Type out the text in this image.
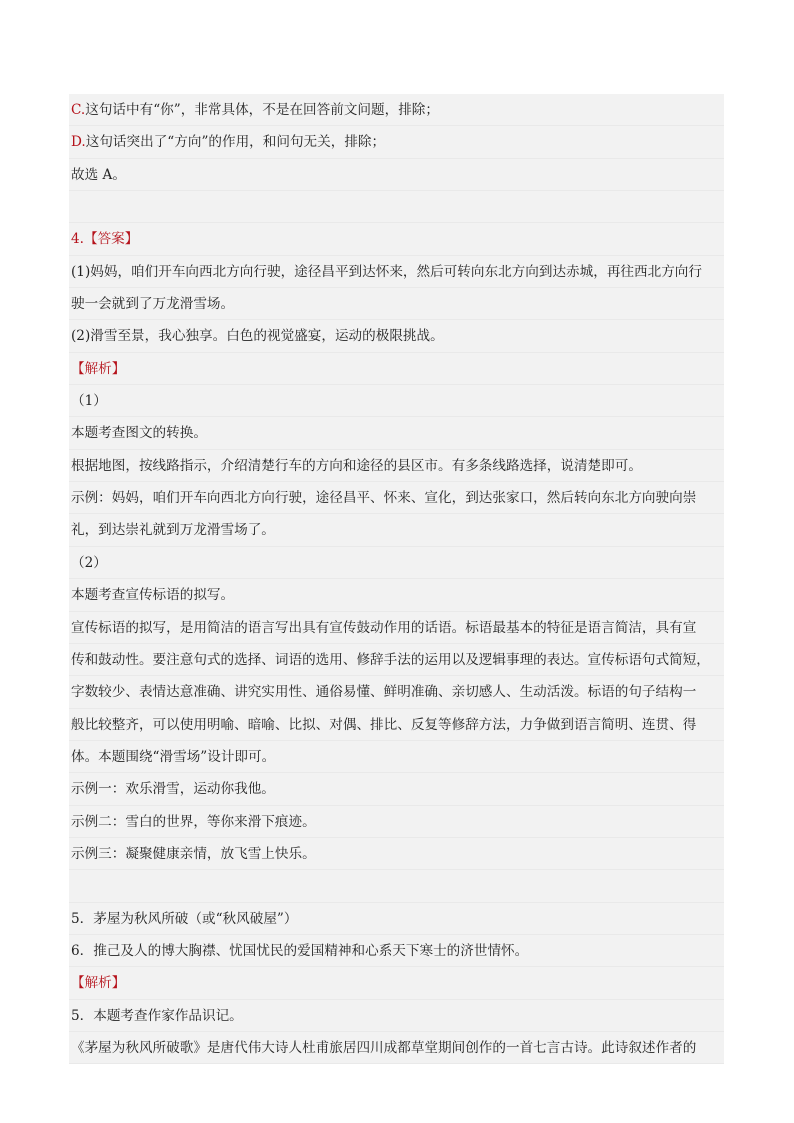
C.这句话中有“你”，非常具体，不是在回答前文问题，排除；
D.这句话突出了“方向”的作用，和问句无关，排除；
故选 A。
4.【答案】
(1)妈妈，咱们开车向西北方向行驶，途径昌平到达怀来，然后可转向东北方向到达赤城，再往西北方向行
驶一会就到了万龙滑雪场。
(2)滑雪至景，我心独享。白色的视觉盛宴，运动的极限挑战。
【解析】
（1）
本题考查图文的转换。
根据地图，按线路指示，介绍清楚行车的方向和途径的县区市。有多条线路选择，说清楚即可。
示例：妈妈，咱们开车向西北方向行驶，途径昌平、怀来、宣化，到达张家口，然后转向东北方向驶向崇
礼，到达崇礼就到万龙滑雪场了。
（2）
本题考查宣传标语的拟写。
宣传标语的拟写，是用简洁的语言写出具有宣传鼓动作用的话语。标语最基本的特征是语言简洁，具有宣
传和鼓动性。要注意句式的选择、词语的选用、修辞手法的运用以及逻辑事理的表达。宣传标语句式简短，
字数较少、表情达意准确、讲究实用性、通俗易懂、鲜明准确、亲切感人、生动活泼。标语的句子结构一
般比较整齐，可以使用明喻、暗喻、比拟、对偶、排比、反复等修辞方法，力争做到语言简明、连贯、得
体。本题围绕“滑雪场”设计即可。
示例一：欢乐滑雪，运动你我他。
示例二：雪白的世界，等你来滑下痕迹。
示例三：凝聚健康亲情，放飞雪上快乐。
5．茅屋为秋风所破（或“秋风破屋”）
6．推己及人的博大胸襟、忧国忧民的爱国精神和心系天下寒士的济世情怀。
【解析】
5．本题考查作家作品识记。
《茅屋为秋风所破歌》是唐代伟大诗人杜甫旅居四川成都草堂期间创作的一首七言古诗。此诗叙述作者的
